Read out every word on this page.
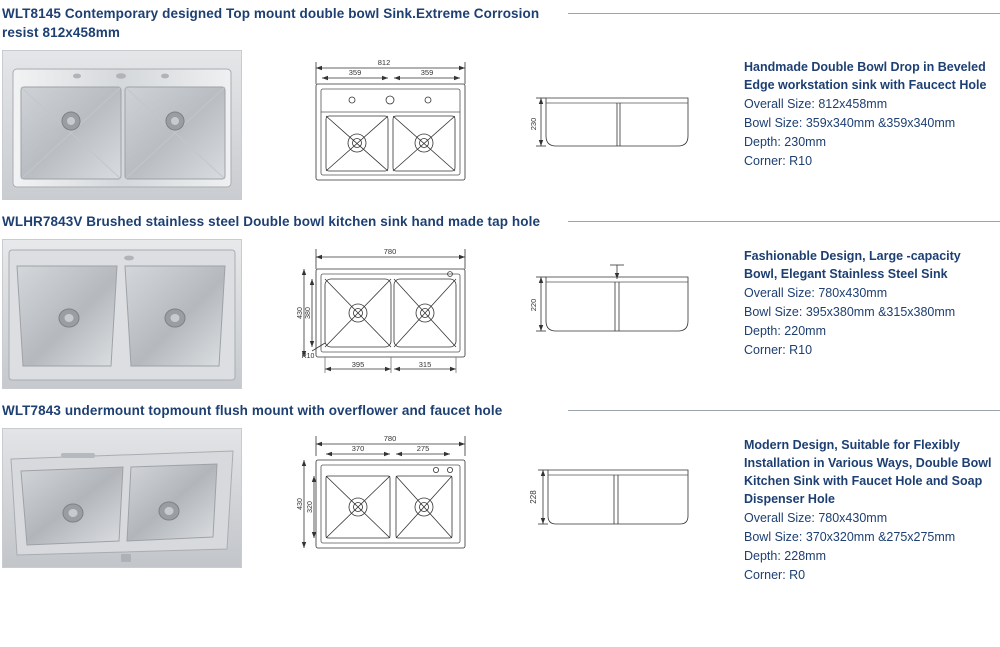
WLT8145 Contemporary designed Top mount double bowl Sink.Extreme Corrosion resist 812x458mm
812
359	359
230
Handmade Double Bowl Drop in Beveled Edge workstation sink with Faucect Hole
Overall Size: 812x458mm
Bowl Size: 359x340mm &359x340mm
Depth: 230mm
Corner: R10
WLHR7843V Brushed stainless steel Double bowl kitchen sink hand made tap hole
780
430 380
R10
395	315
220
Fashionable Design, Large -capacity Bowl, Elegant Stainless Steel Sink
Overall Size: 780x430mm
Bowl Size: 395x380mm &315x380mm
Depth: 220mm
Corner: R10
WLT7843 undermount topmount flush mount with overflower and faucet hole
780
370	275
430 320
228
Modern Design, Suitable for Flexibly Installation in Various Ways, Double Bowl Kitchen Sink with Faucet Hole and Soap Dispenser Hole
Overall Size: 780x430mm
Bowl Size: 370x320mm &275x275mm
Depth: 228mm
Corner: R0
